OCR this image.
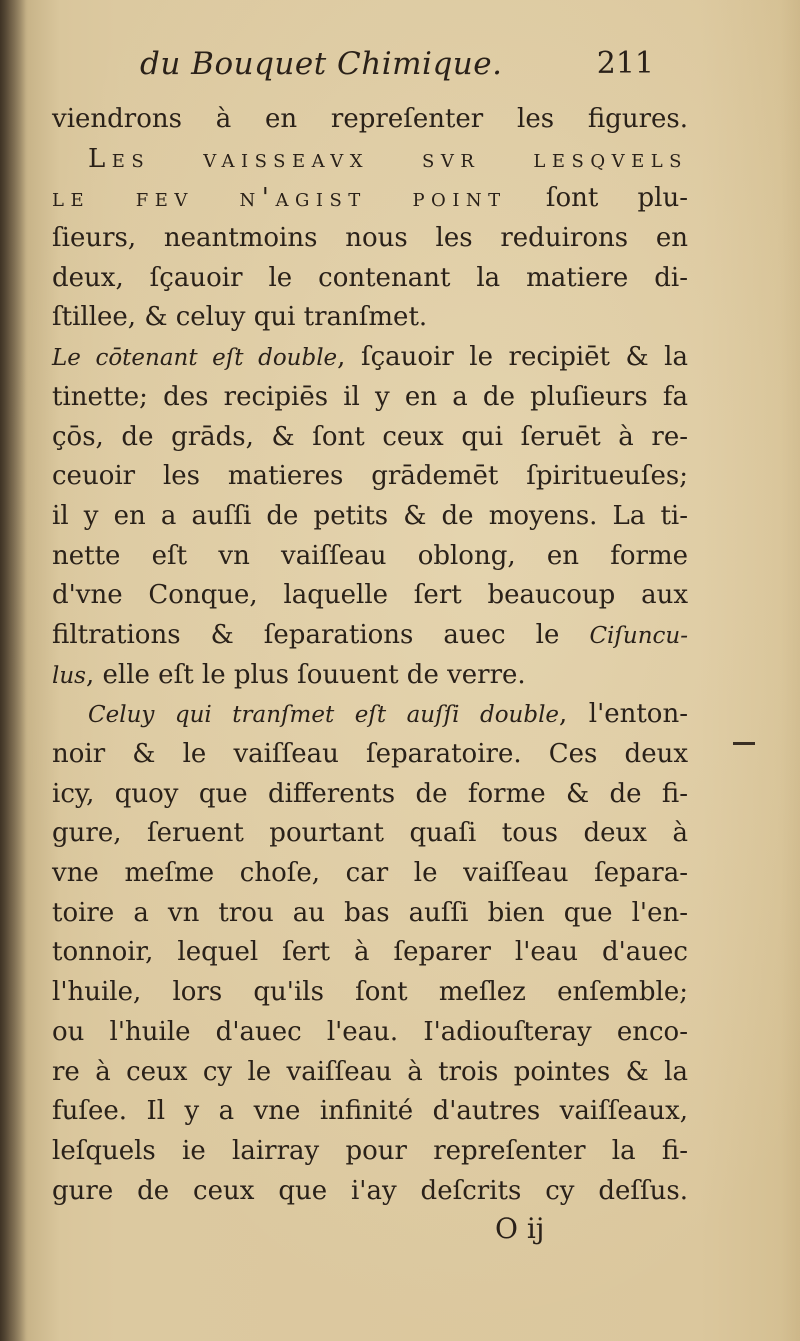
du Bouquet Chimique.	211
viendrons à en repreſenter les figures.
Les vaisseavx svr lesqvels
le fev n'agist point ſont plu-
ſieurs, neantmoins nous les reduirons en
deux, ſçauoir le contenant la matiere di-
ſtillee, & celuy qui tranſmet.
Le cōtenant eſt double, ſçauoir le recipiēt & la
tinette; des recipiēs il y en a de pluſieurs fa
çōs, de grāds, & ſont ceux qui ſeruēt à re-
ceuoir les matieres grādemēt ſpiritueuſes;
il y en a auſſi de petits & de moyens. La ti-
nette eſt vn vaiſſeau oblong, en forme
d'vne Conque, laquelle ſert beaucoup aux
filtrations & ſeparations auec le Ciſuncu-
lus, elle eſt le plus ſouuent de verre.
Celuy qui tranſmet eſt auſſi double, l'enton-
noir & le vaiſſeau ſeparatoire. Ces deux
icy, quoy que differents de forme & de fi-
gure, ſeruent pourtant quaſi tous deux à
vne meſme choſe, car le vaiſſeau ſepara-
toire a vn trou au bas auſſi bien que l'en-
tonnoir, lequel ſert à ſeparer l'eau d'auec
l'huile, lors qu'ils ſont meſlez enſemble;
ou l'huile d'auec l'eau. I'adiouſteray enco-
re à ceux cy le vaiſſeau à trois pointes & la
fuſee. Il y a vne infinité d'autres vaiſſeaux,
leſquels ie lairray pour repreſenter la fi-
gure de ceux que i'ay deſcrits cy deſſus.
O ij
